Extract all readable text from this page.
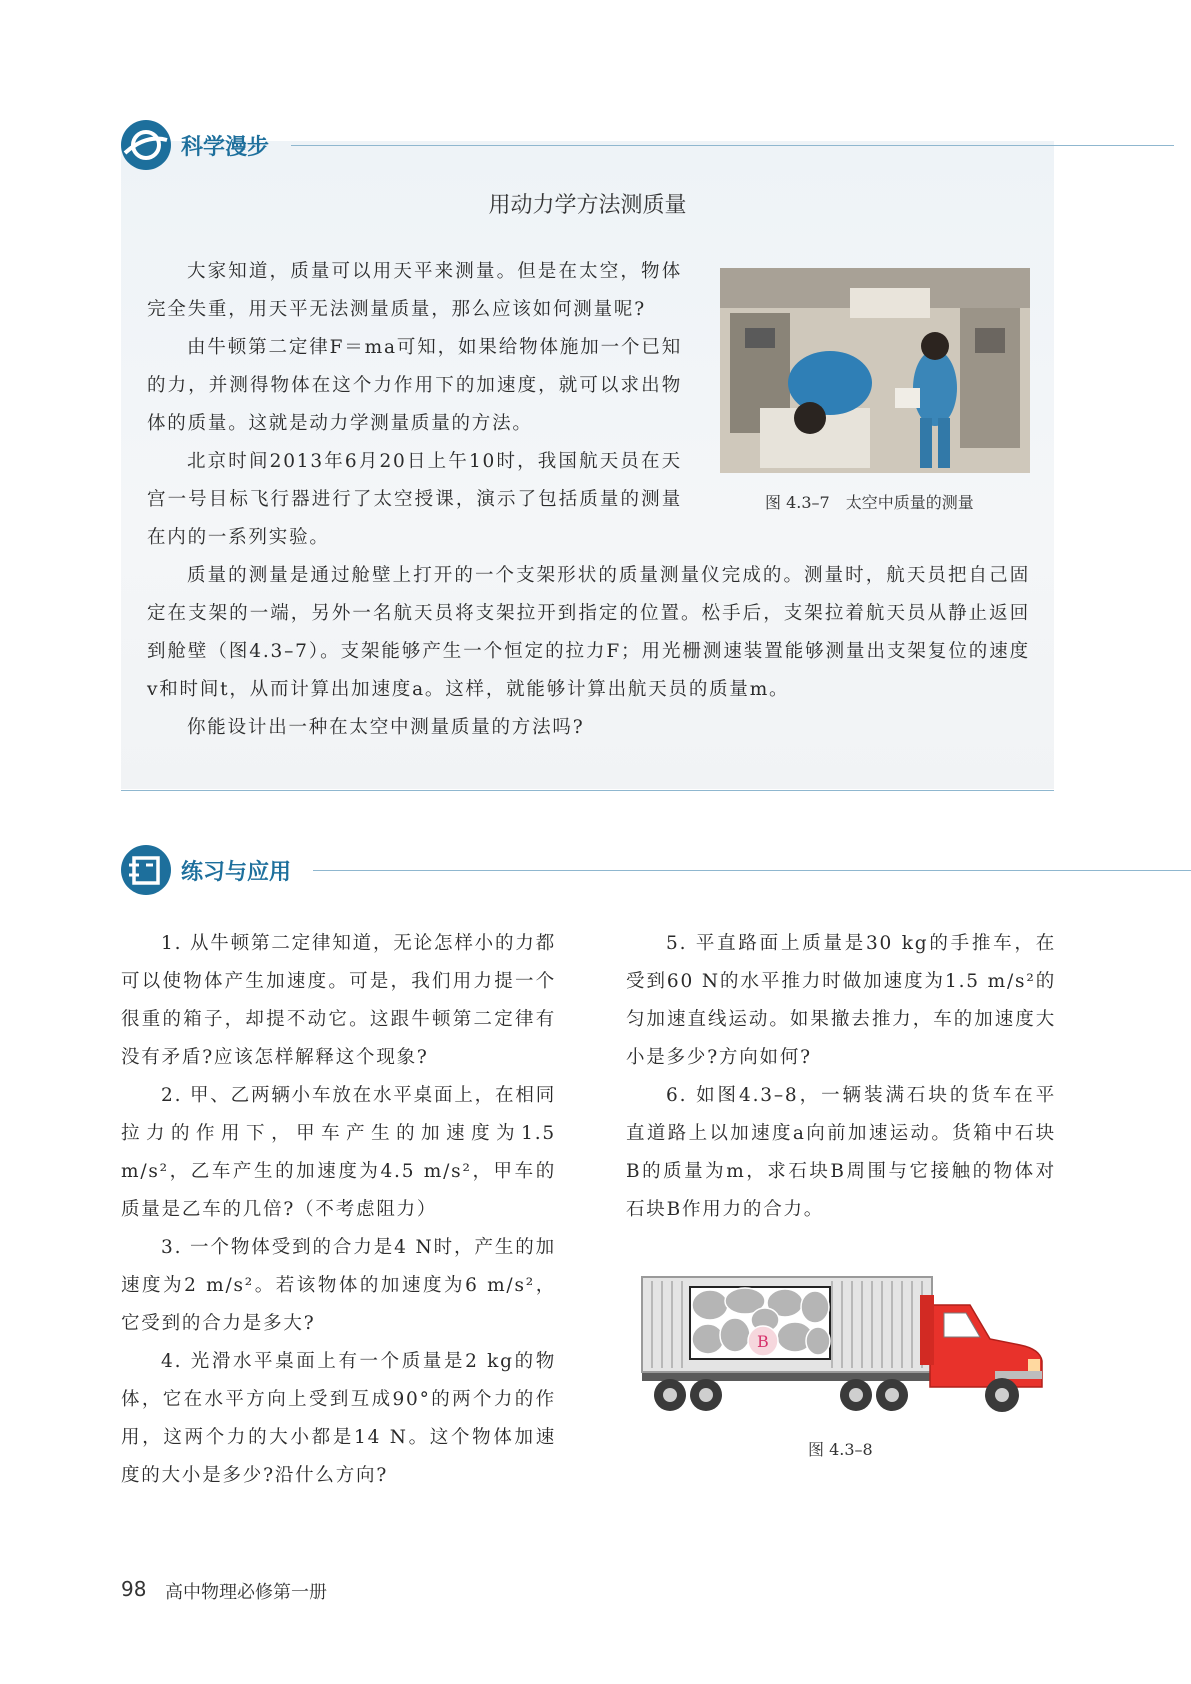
科学漫步
用动力学方法测质量

大家知道，质量可以用天平来测量。但是在太空，物体完全失重，用天平无法测量质量，那么应该如何测量呢?

由牛顿第二定律F＝ma可知，如果给物体施加一个已知的力，并测得物体在这个力作用下的加速度，就可以求出物体的质量。这就是动力学测量质量的方法。

北京时间2013年6月20日上午10时，我国航天员在天宫一号目标飞行器进行了太空授课，演示了包括质量的测量在内的一系列实验。

质量的测量是通过舱壁上打开的一个支架形状的质量测量仪完成的。测量时，航天员把自己固定在支架的一端，另外一名航天员将支架拉开到指定的位置。松手后，支架拉着航天员从静止返回到舱壁（图4.3–7）。支架能够产生一个恒定的拉力F；用光栅测速装置能够测量出支架复位的速度v和时间t，从而计算出加速度a。这样，就能够计算出航天员的质量m。

你能设计出一种在太空中测量质量的方法吗?

图 4.3–7　太空中质量的测量
练习与应用

1. 从牛顿第二定律知道，无论怎样小的力都可以使物体产生加速度。可是，我们用力提一个很重的箱子，却提不动它。这跟牛顿第二定律有没有矛盾?应该怎样解释这个现象?

2. 甲、乙两辆小车放在水平桌面上，在相同拉力的作用下，甲车产生的加速度为1.5 m/s²，乙车产生的加速度为4.5 m/s²，甲车的质量是乙车的几倍?（不考虑阻力）

3. 一个物体受到的合力是4 N时，产生的加速度为2 m/s²。若该物体的加速度为6 m/s²，它受到的合力是多大?

4. 光滑水平桌面上有一个质量是2 kg的物体，它在水平方向上受到互成90°的两个力的作用，这两个力的大小都是14 N。这个物体加速度的大小是多少?沿什么方向?

5. 平直路面上质量是30 kg的手推车，在受到60 N的水平推力时做加速度为1.5 m/s²的匀加速直线运动。如果撤去推力，车的加速度大小是多少?方向如何?

6. 如图4.3–8，一辆装满石块的货车在平直道路上以加速度a向前加速运动。货箱中石块B的质量为m，求石块B周围与它接触的物体对石块B作用力的合力。

B
图 4.3–8
98 高中物理必修第一册
